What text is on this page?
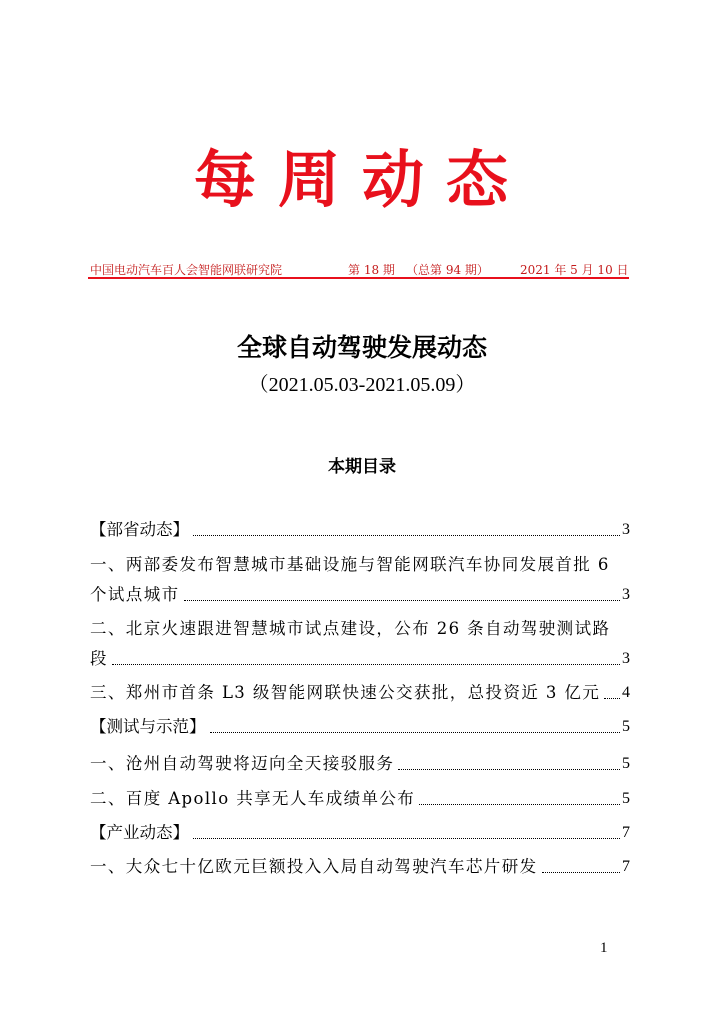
每周动态
中国电动汽车百人会智能网联研究院	第 18 期 （总第 94 期）	2021 年 5 月 10 日
全球自动驾驶发展动态
（2021.05.03-2021.05.09）
本期目录
【部省动态】	3
一、两部委发布智慧城市基础设施与智能网联汽车协同发展首批 6
个试点城市	3
二、北京火速跟进智慧城市试点建设，公布 26 条自动驾驶测试路
段	3
三、郑州市首条 L3 级智能网联快速公交获批，总投资近 3 亿元 4
【测试与示范】	5
一、沧州自动驾驶将迈向全天接驳服务	5
二、百度 Apollo 共享无人车成绩单公布	5
【产业动态】	7
一、大众七十亿欧元巨额投入入局自动驾驶汽车芯片研发	7
1
